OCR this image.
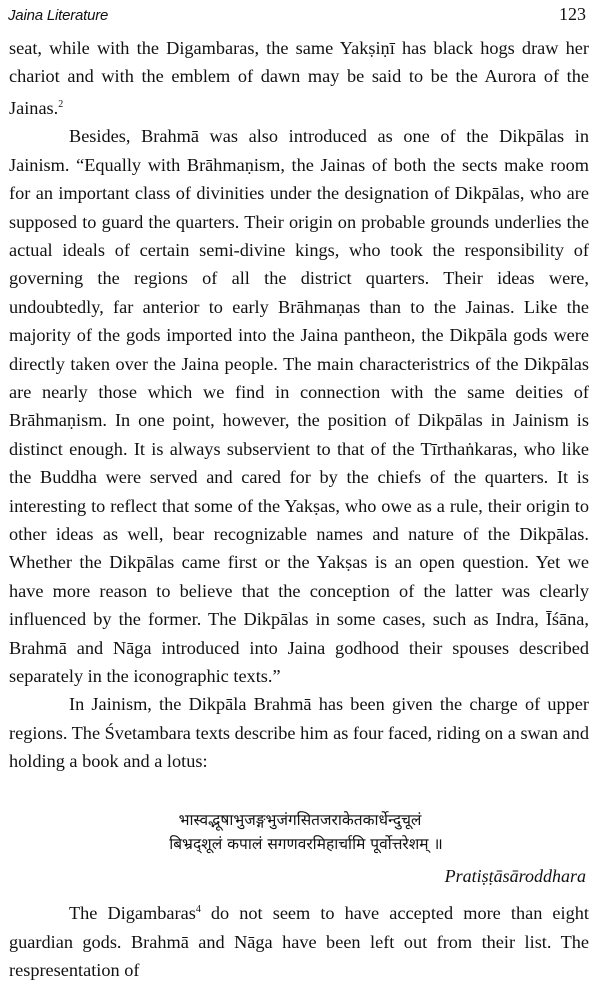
Jaina Literature	123

seat, while with the Digambaras, the same Yakṣiṇī has black hogs draw her chariot and with the emblem of dawn may be said to be the Aurora of the Jainas.$^2$

Besides, Brahmā was also introduced as one of the Dikpālas in Jainism. “Equally with Brāhmaṇism, the Jainas of both the sects make room for an important class of divinities under the designation of Dikpālas, who are supposed to guard the quarters. Their origin on probable grounds underlies the actual ideals of certain semi-divine kings, who took the responsibility of governing the regions of all the district quarters. Their ideas were, undoubtedly, far anterior to early Brāhmaṇas than to the Jainas. Like the majority of the gods imported into the Jaina pantheon, the Dikpāla gods were directly taken over the Jaina people. The main characteristrics of the Dikpālas are nearly those which we find in connection with the same deities of Brāhmaṇism. In one point, however, the position of Dikpālas in Jainism is distinct enough. It is always subservient to that of the Tīrthaṅkaras, who like the Buddha were served and cared for by the chiefs of the quarters. It is interesting to reflect that some of the Yakṣas, who owe as a rule, their origin to other ideas as well, bear recognizable names and nature of the Dikpālas. Whether the Dikpālas came first or the Yakṣas is an open question. Yet we have more reason to believe that the conception of the latter was clearly influenced by the former. The Dikpālas in some cases, such as Indra, Īśāna, Brahmā and Nāga introduced into Jaina godhood their spouses described separately in the iconographic texts.”

In Jainism, the Dikpāla Brahmā has been given the charge of upper regions. The Śvetambara texts describe him as four faced, riding on a swan and holding a book and a lotus:

भास्वद्भूषाभुजङ्गभुजंगसितजराकेतकार्धेन्दुचूलं
बिभ्रद्शूलं कपालं सगणवरमिहार्चामि पूर्वोत्तरेशम् ॥
Pratiṣṭāsāroddhara

The Digambaras$^4$ do not seem to have accepted more than eight guardian gods. Brahmā and Nāga have been left out from their list. The respresentation of
